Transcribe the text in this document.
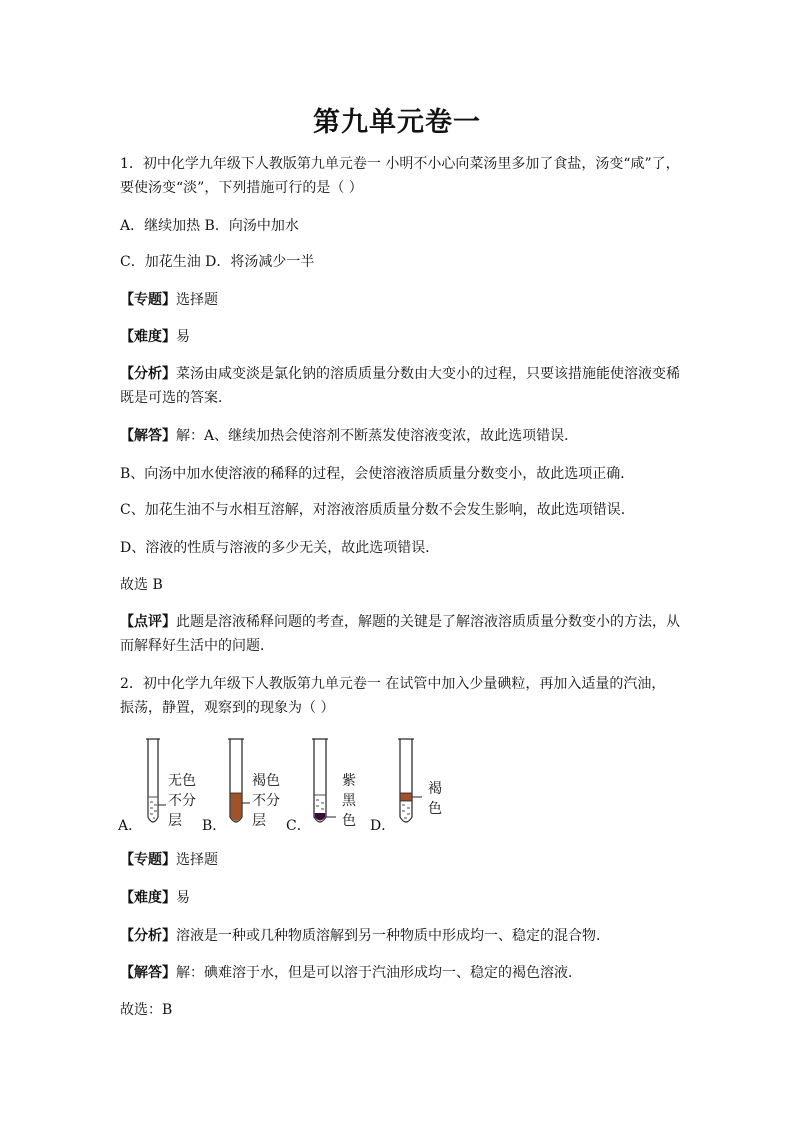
第九单元卷一
1．初中化学九年级下人教版第九单元卷一 小明不小心向菜汤里多加了食盐，汤变“咸”了，
要使汤变“淡”，下列措施可行的是（ ）
A．继续加热 B．向汤中加水
C．加花生油 D．将汤减少一半
【专题】选择题
【难度】易
【分析】菜汤由咸变淡是氯化钠的溶质质量分数由大变小的过程，只要该措施能使溶液变稀
既是可选的答案．
【解答】解：A、继续加热会使溶剂不断蒸发使溶液变浓，故此选项错误．
B、向汤中加水使溶液的稀释的过程，会使溶液溶质质量分数变小，故此选项正确．
C、加花生油不与水相互溶解，对溶液溶质质量分数不会发生影响，故此选项错误．
D、溶液的性质与溶液的多少无关，故此选项错误．
故选 B
【点评】此题是溶液稀释问题的考查，解题的关键是了解溶液溶质质量分数变小的方法，从
而解释好生活中的问题．
2．初中化学九年级下人教版第九单元卷一 在试管中加入少量碘粒，再加入适量的汽油，
振荡，静置，观察到的现象为（ ）
A．	B．	C．	D．
无色
不分
层
褐色
不分
层
紫
黑
色
褐
色
【专题】选择题
【难度】易
【分析】溶液是一种或几种物质溶解到另一种物质中形成均一、稳定的混合物．
【解答】解：碘难溶于水，但是可以溶于汽油形成均一、稳定的褐色溶液．
故选：B
